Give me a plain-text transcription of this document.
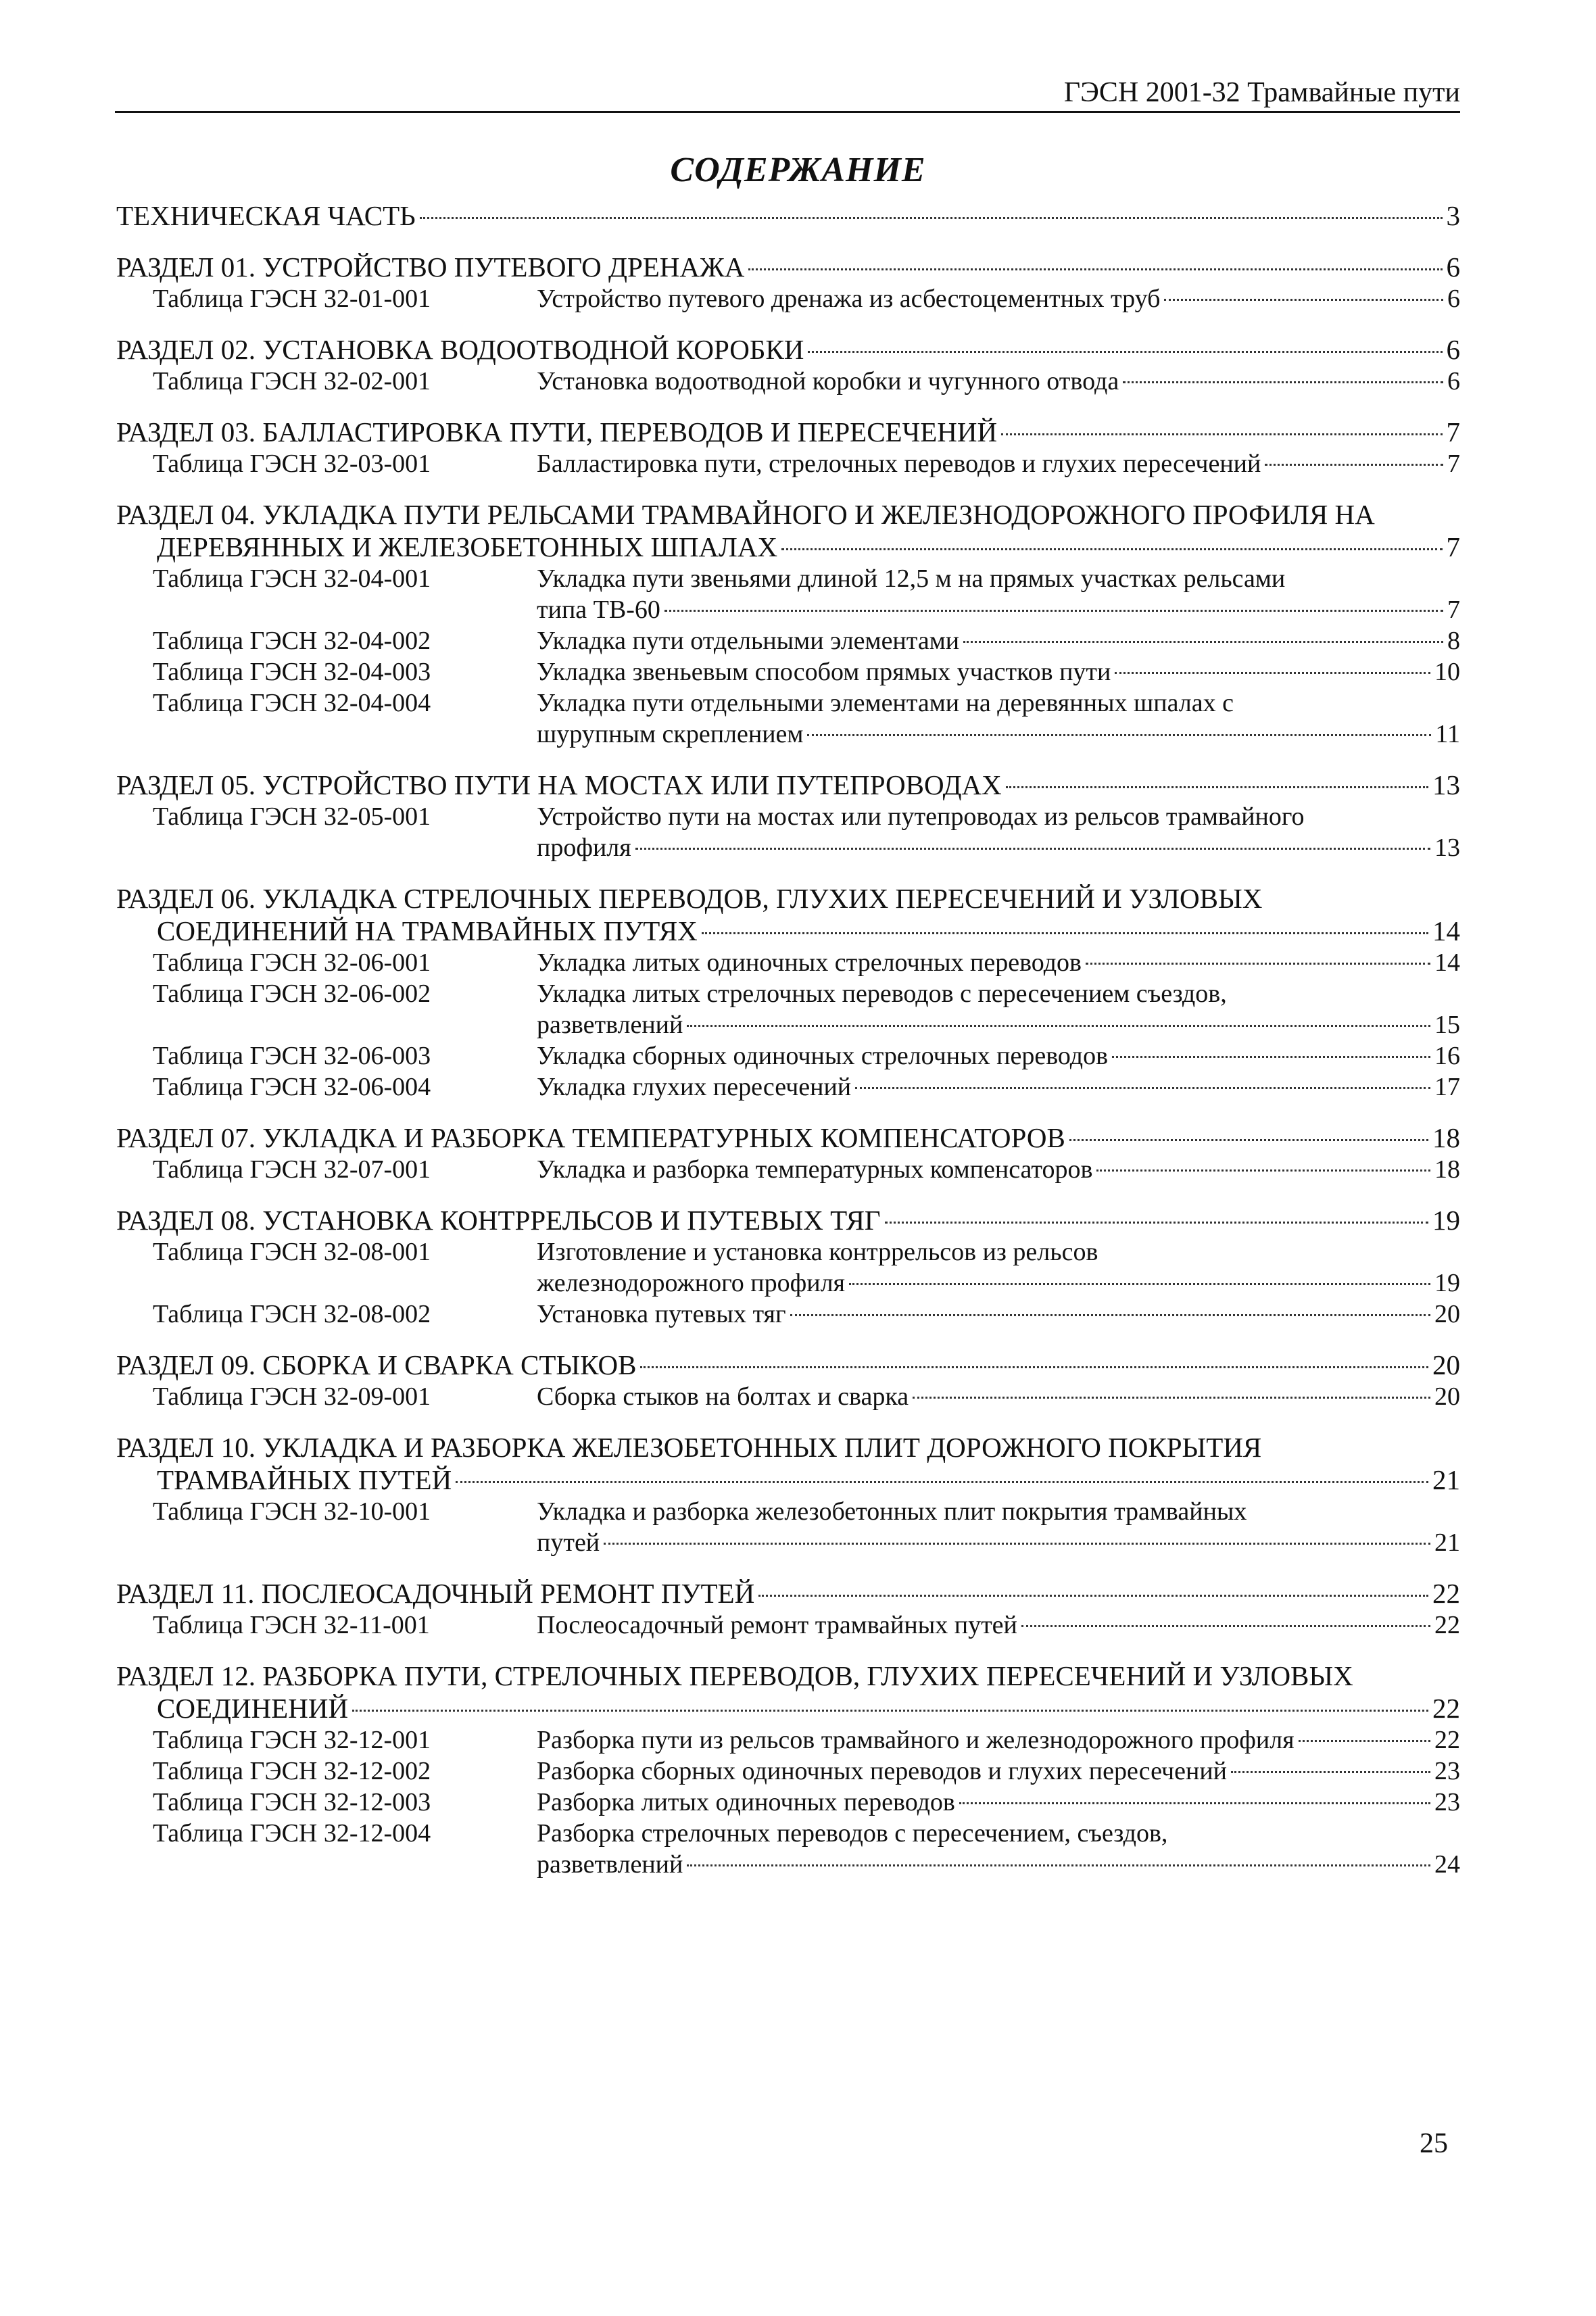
ГЭСН 2001-32 Трамвайные пути
СОДЕРЖАНИЕ
ТЕХНИЧЕСКАЯ ЧАСТЬ	3
РАЗДЕЛ 01. УСТРОЙСТВО ПУТЕВОГО ДРЕНАЖА	6
Таблица ГЭСН 32-01-001	Устройство путевого дренажа из асбестоцементных труб	6
РАЗДЕЛ 02. УСТАНОВКА ВОДООТВОДНОЙ КОРОБКИ	6
Таблица ГЭСН 32-02-001	Установка водоотводной коробки и чугунного отвода	6
РАЗДЕЛ 03. БАЛЛАСТИРОВКА ПУТИ, ПЕРЕВОДОВ И ПЕРЕСЕЧЕНИЙ	7
Таблица ГЭСН 32-03-001	Балластировка пути, стрелочных переводов и глухих пересечений	7
РАЗДЕЛ 04. УКЛАДКА ПУТИ РЕЛЬСАМИ ТРАМВАЙНОГО И ЖЕЛЕЗНОДОРОЖНОГО ПРОФИЛЯ НА
ДЕРЕВЯННЫХ И ЖЕЛЕЗОБЕТОННЫХ ШПАЛАХ	7
Таблица ГЭСН 32-04-001	Укладка пути звеньями длиной 12,5 м на прямых участках рельсами
типа ТВ-60	7
Таблица ГЭСН 32-04-002	Укладка пути отдельными элементами	8
Таблица ГЭСН 32-04-003	Укладка звеньевым способом прямых участков пути	10
Таблица ГЭСН 32-04-004	Укладка пути отдельными элементами на деревянных шпалах с
шурупным скреплением	11
РАЗДЕЛ 05. УСТРОЙСТВО ПУТИ НА МОСТАХ ИЛИ ПУТЕПРОВОДАХ	13
Таблица ГЭСН 32-05-001	Устройство пути на мостах или путепроводах из рельсов трамвайного
профиля	13
РАЗДЕЛ 06. УКЛАДКА СТРЕЛОЧНЫХ ПЕРЕВОДОВ, ГЛУХИХ ПЕРЕСЕЧЕНИЙ И УЗЛОВЫХ
СОЕДИНЕНИЙ НА ТРАМВАЙНЫХ ПУТЯХ	14
Таблица ГЭСН 32-06-001	Укладка литых одиночных стрелочных переводов	14
Таблица ГЭСН 32-06-002	Укладка литых стрелочных переводов с пересечением съездов,
разветвлений	15
Таблица ГЭСН 32-06-003	Укладка сборных одиночных стрелочных переводов	16
Таблица ГЭСН 32-06-004	Укладка глухих пересечений	17
РАЗДЕЛ 07. УКЛАДКА И РАЗБОРКА ТЕМПЕРАТУРНЫХ КОМПЕНСАТОРОВ	18
Таблица ГЭСН 32-07-001	Укладка и разборка температурных компенсаторов	18
РАЗДЕЛ 08. УСТАНОВКА КОНТРРЕЛЬСОВ И ПУТЕВЫХ ТЯГ	19
Таблица ГЭСН 32-08-001	Изготовление и установка контррельсов из рельсов
железнодорожного профиля	19
Таблица ГЭСН 32-08-002	Установка путевых тяг	20
РАЗДЕЛ 09. СБОРКА И СВАРКА СТЫКОВ	20
Таблица ГЭСН 32-09-001	Сборка стыков на болтах и сварка	20
РАЗДЕЛ 10. УКЛАДКА И РАЗБОРКА ЖЕЛЕЗОБЕТОННЫХ ПЛИТ ДОРОЖНОГО ПОКРЫТИЯ
ТРАМВАЙНЫХ ПУТЕЙ	21
Таблица ГЭСН 32-10-001	Укладка и разборка железобетонных плит покрытия трамвайных
путей	21
РАЗДЕЛ 11. ПОСЛЕОСАДОЧНЫЙ РЕМОНТ ПУТЕЙ	22
Таблица ГЭСН 32-11-001	Послеосадочный ремонт трамвайных путей	22
РАЗДЕЛ 12. РАЗБОРКА ПУТИ, СТРЕЛОЧНЫХ ПЕРЕВОДОВ, ГЛУХИХ ПЕРЕСЕЧЕНИЙ И УЗЛОВЫХ
СОЕДИНЕНИЙ	22
Таблица ГЭСН 32-12-001	Разборка пути из рельсов трамвайного и железнодорожного профиля	22
Таблица ГЭСН 32-12-002	Разборка сборных одиночных переводов и глухих пересечений	23
Таблица ГЭСН 32-12-003	Разборка литых одиночных переводов	23
Таблица ГЭСН 32-12-004	Разборка стрелочных переводов с пересечением, съездов,
разветвлений	24
25
